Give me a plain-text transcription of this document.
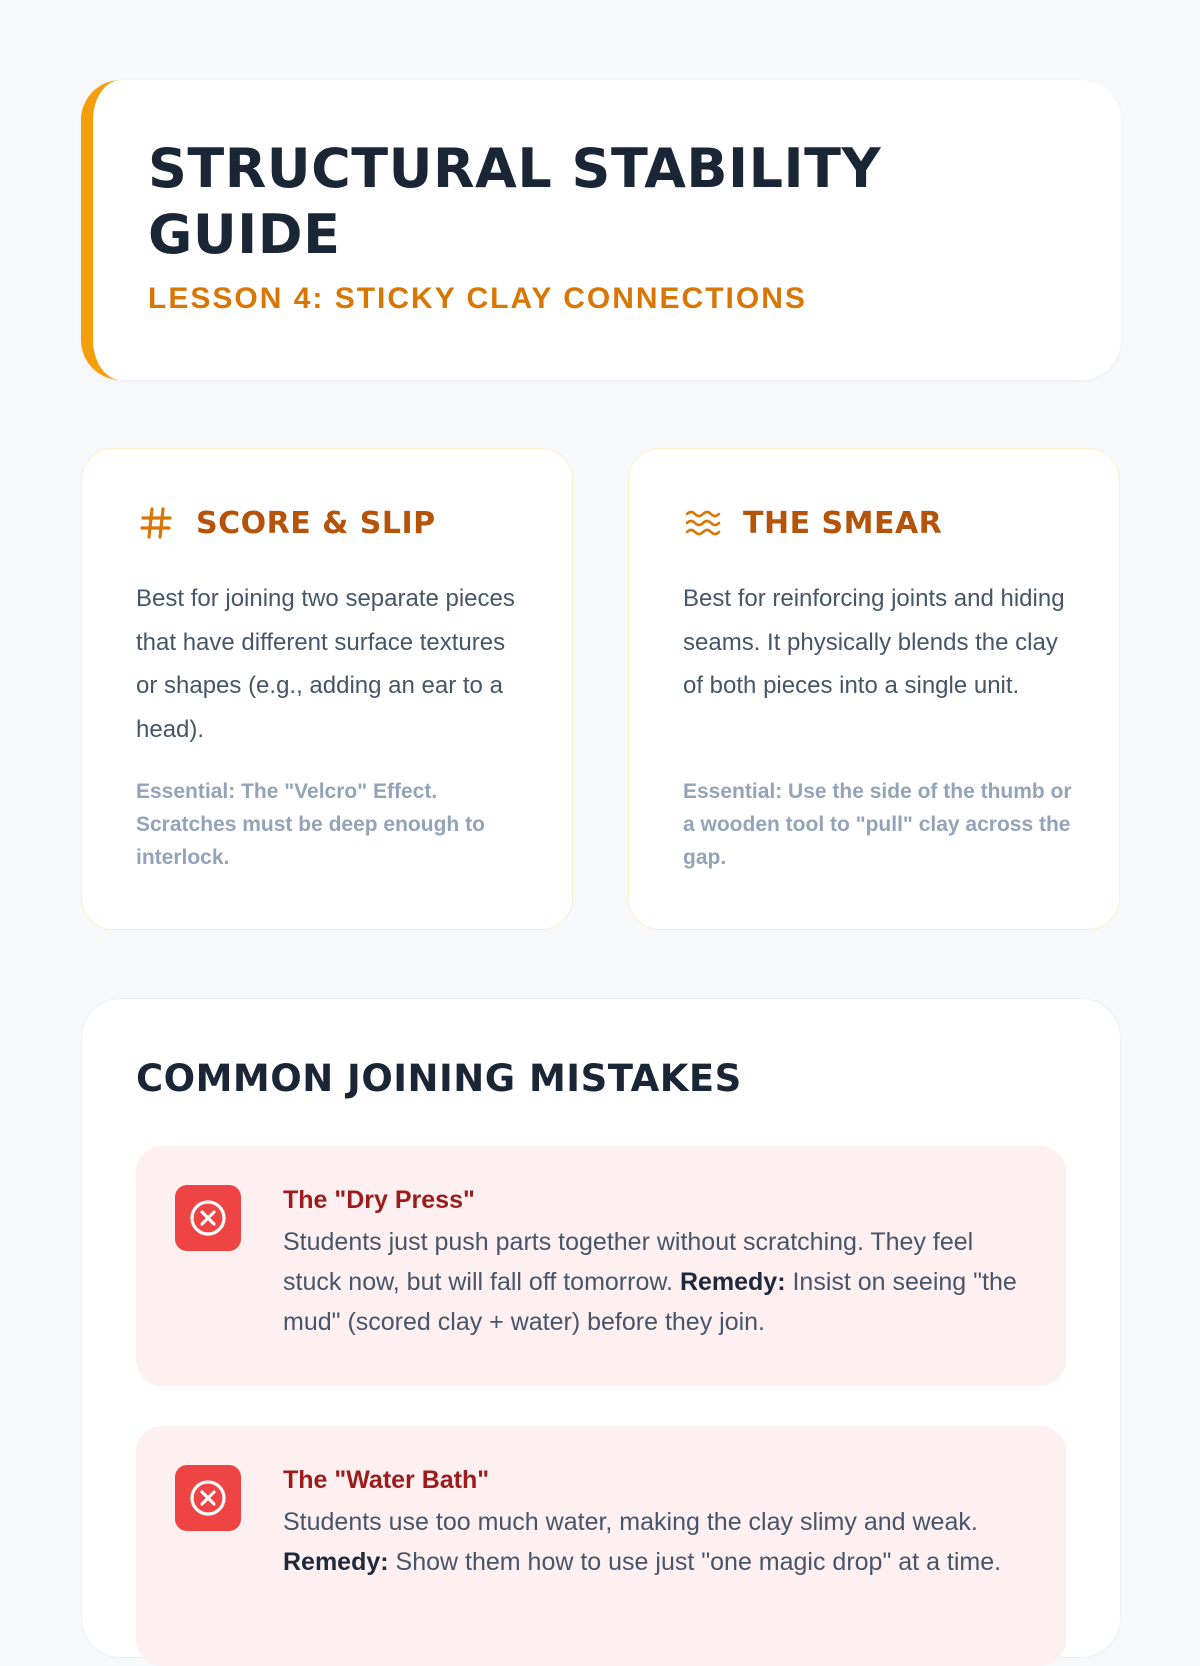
STRUCTURAL STABILITY GUIDE
LESSON 4: STICKY CLAY CONNECTIONS
SCORE & SLIP

Best for joining two separate pieces that have different surface textures or shapes (e.g., adding an ear to a head).

Essential: The "Velcro" Effect. Scratches must be deep enough to interlock.

THE SMEAR

Best for reinforcing joints and hiding seams. It physically blends the clay of both pieces into a single unit.

Essential: Use the side of the thumb or a wooden tool to "pull" clay across the gap.

COMMON JOINING MISTAKES
The "Dry Press"

Students just push parts together without scratching. They feel stuck now, but will fall off tomorrow. Remedy: Insist on seeing "the mud" (scored clay + water) before they join.

The "Water Bath"

Students use too much water, making the clay slimy and weak. Remedy: Show them how to use just "one magic drop" at a time.
